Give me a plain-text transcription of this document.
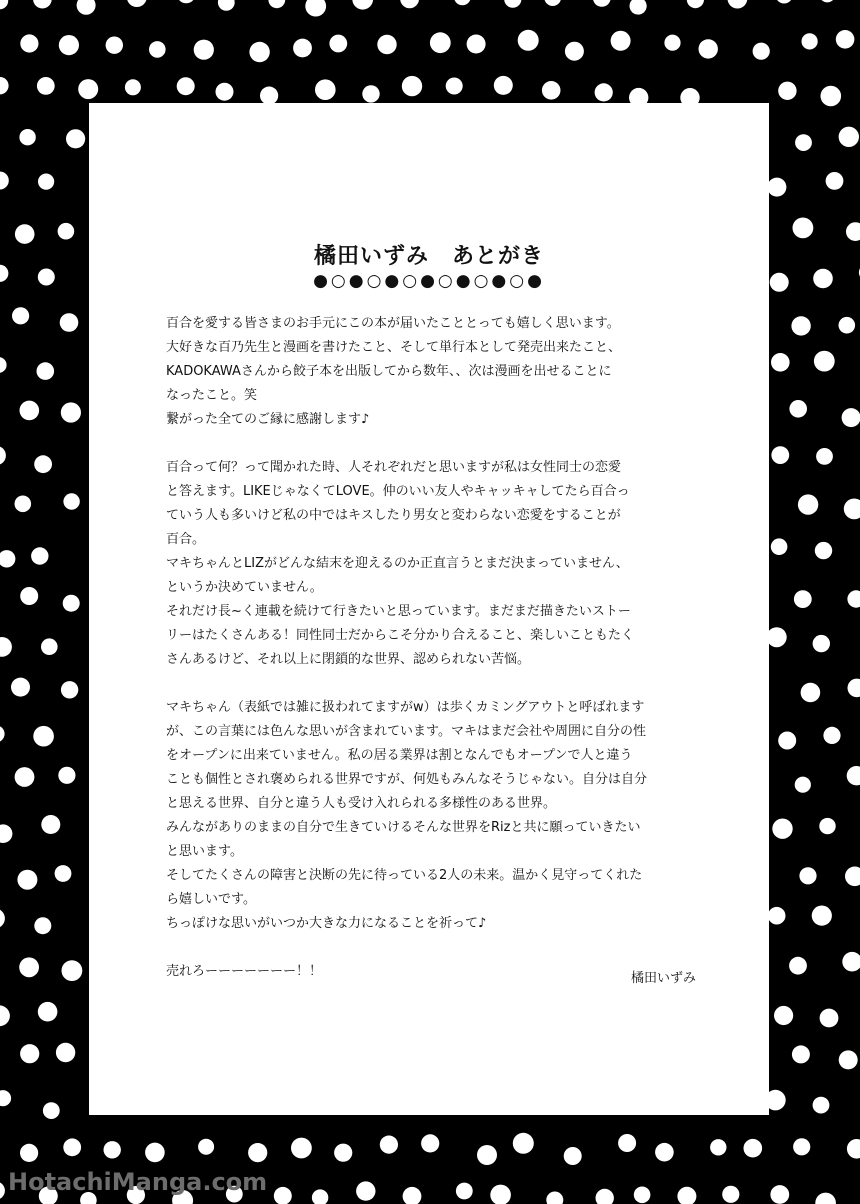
橘田いずみ　あとがき
●○●○●○●○●○●○●
百合を愛する皆さまのお手元にこの本が届いたこととっても嬉しく思います。
大好きな百乃先生と漫画を書けたこと、そして単行本として発売出来たこと、
KADOKAWAさんから餃子本を出版してから数年、、次は漫画を出せることに
なったこと。笑
繋がった全てのご縁に感謝します♪
百合って何？って聞かれた時、人それぞれだと思いますが私は女性同士の恋愛
と答えます。LIKEじゃなくてLOVE。仲のいい友人やキャッキャしてたら百合っ
ていう人も多いけど私の中ではキスしたり男女と変わらない恋愛をすることが
百合。
マキちゃんとLIZがどんな結末を迎えるのか正直言うとまだ決まっていません、
というか決めていません。
それだけ長~く連載を続けて行きたいと思っています。まだまだ描きたいストー
リーはたくさんある！同性同士だからこそ分かり合えること、楽しいこともたく
さんあるけど、それ以上に閉鎖的な世界、認められない苦悩。
マキちゃん（表紙では雑に扱われてますがw）は歩くカミングアウトと呼ばれます
が、この言葉には色んな思いが含まれています。マキはまだ会社や周囲に自分の性
をオープンに出来ていません。私の居る業界は割となんでもオープンで人と違う
ことも個性とされ褒められる世界ですが、何処もみんなそうじゃない。自分は自分
と思える世界、自分と違う人も受け入れられる多様性のある世界。
みんながありのままの自分で生きていけるそんな世界をRizと共に願っていきたい
と思います。
そしてたくさんの障害と決断の先に待っている2人の未来。温かく見守ってくれた
ら嬉しいです。
ちっぽけな思いがいつか大きな力になることを祈って♪
売れろーーーーーーー！！	橘田いずみ
HotachiManga.com
